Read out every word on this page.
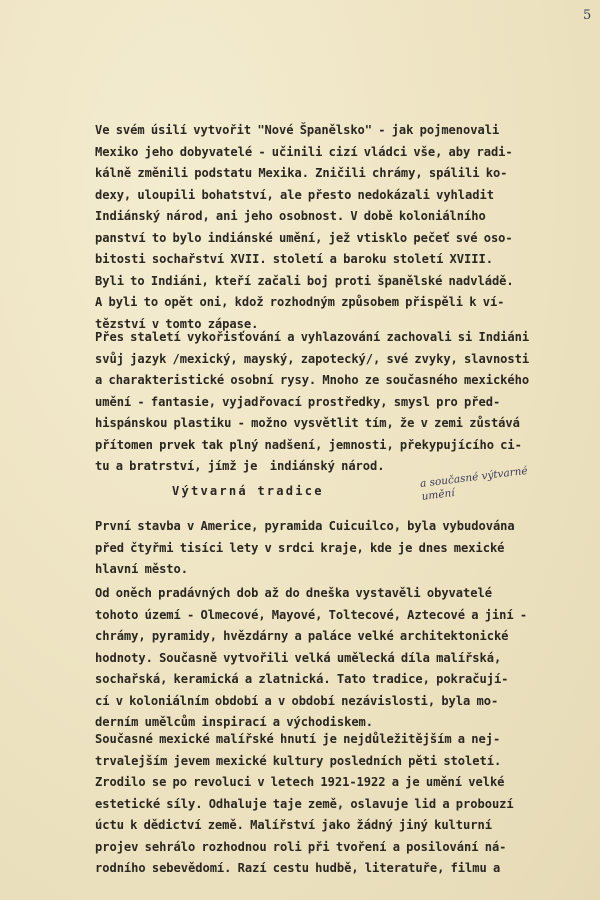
5
Ve svém úsilí vytvořit "Nové Španělsko" - jak pojmenovali
Mexiko jeho dobyvatelé - učinili cizí vládci vše, aby radi-
kálně změnili podstatu Mexika. Zničili chrámy, spálili ko-
dexy, uloupili bohatství, ale přesto nedokázali vyhladit
Indiánský národ, ani jeho osobnost. V době koloniálního
panství to bylo indiánské umění, jež vtisklo pečeť své oso-
bitosti sochařství XVII. století a baroku století XVIII.
Byli to Indiáni, kteří začali boj proti španělské nadvládě.
A byli to opět oni, kdož rozhodným způsobem přispěli k ví-
tězství v tomto zápase.
Přes staletí vykořisťování a vyhlazování zachovali si Indiáni
svůj jazyk /mexický, mayský, zapotecký/, své zvyky, slavnosti
a charakteristické osobní rysy. Mnoho ze současného mexického
umění - fantasie, vyjadřovací prostředky, smysl pro před-
hispánskou plastiku - možno vysvětlit tím, že v zemi zůstává
přítomen prvek tak plný nadšení, jemnosti, překypujícího ci-
tu a bratrství, jímž je  indiánský národ.
Výtvarná tradice
a současné výtvarné
umění
První stavba v Americe, pyramida Cuicuilco, byla vybudována
před čtyřmi tisíci lety v srdci kraje, kde je dnes mexické
hlavní město.
Od oněch pradávných dob až do dneška vystavěli obyvatelé
tohoto území - Olmecové, Mayové, Toltecové, Aztecové a jiní -
chrámy, pyramidy, hvězdárny a paláce velké architektonické
hodnoty. Současně vytvořili velká umělecká díla malířská,
sochařská, keramická a zlatnická. Tato tradice, pokračují-
cí v koloniálním období a v období nezávislosti, byla mo-
derním umělcům inspirací a východiskem.
Současné mexické malířské hnutí je nejdůležitějším a nej-
trvalejším jevem mexické kultury posledních pěti století.
Zrodilo se po revoluci v letech 1921-1922 a je umění velké
estetické síly. Odhaluje taje země, oslavuje lid a probouzí
úctu k dědictví země. Malířství jako žádný jiný kulturní
projev sehrálo rozhodnou roli při tvoření a posilování ná-
rodního sebevědomí. Razí cestu hudbě, literatuře, filmu a
